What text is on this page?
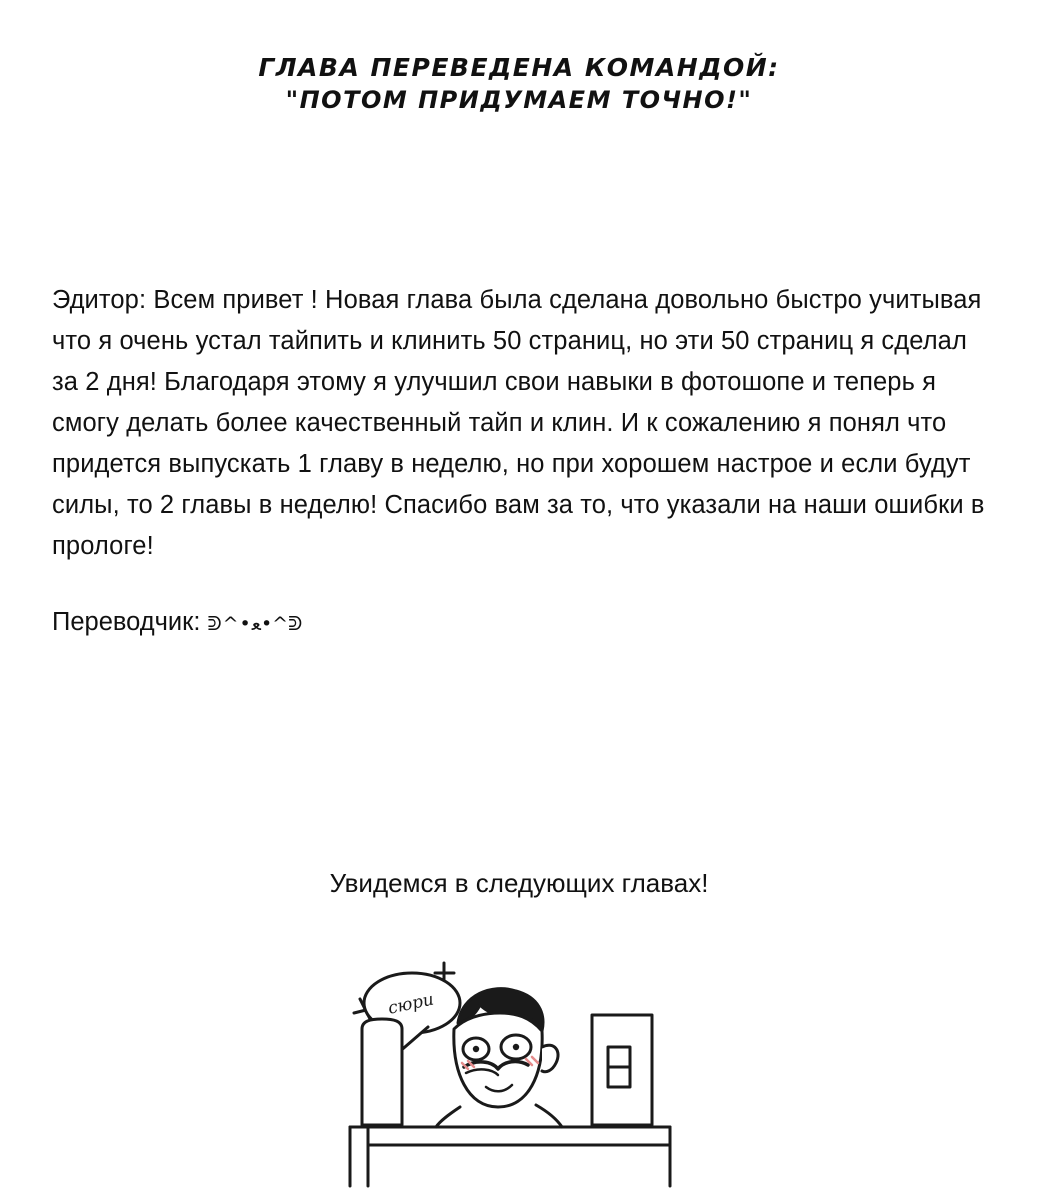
ГЛАВА ПЕРЕВЕДЕНА КОМАНДОЙ:
"ПОТОМ ПРИДУМАЕМ ТОЧНО!"

Эдитор: Всем привет ! Новая глава была сделана довольно быстро учитывая что я очень устал тайпить и клинить 50 страниц, но эти 50 страниц я сделал за 2 дня! Благодаря этому я улучшил свои навыки в фотошопе и теперь я смогу делать более качественный тайп и клин. И к сожалению я понял что придется выпускать 1 главу в неделю, но при хорошем настрое и если будут силы, то 2 главы в неделю! Спасибо вам за то, что указали на наши ошибки в прологе!

Переводчик: ᕲ^•ﻌ•^ᕲ

Увидемся в следующих главах!
сюри
